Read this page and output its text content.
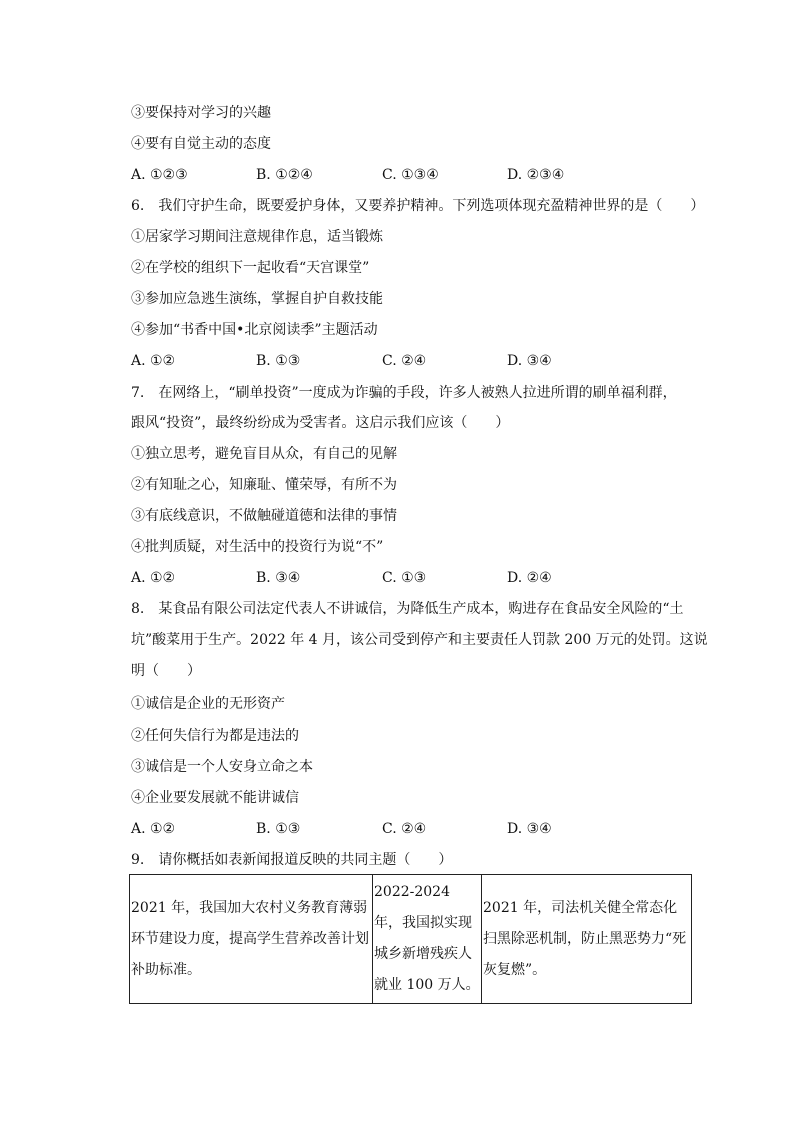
③要保持对学习的兴趣
④要有自觉主动的态度
A. ①②③	B. ①②④	C. ①③④	D. ②③④
6.　我们守护生命，既要爱护身体，又要养护精神。下列选项体现充盈精神世界的是（　　）
①居家学习期间注意规律作息，适当锻炼
②在学校的组织下一起收看“天宫课堂”
③参加应急逃生演练，掌握自护自救技能
④参加“书香中国•北京阅读季”主题活动
A. ①②	B. ①③	C. ②④	D. ③④
7.　在网络上，“刷单投资”一度成为诈骗的手段，许多人被熟人拉进所谓的刷单福利群，
跟风“投资”，最终纷纷成为受害者。这启示我们应该（　　）
①独立思考，避免盲目从众，有自己的见解
②有知耻之心，知廉耻、懂荣辱，有所不为
③有底线意识，不做触碰道德和法律的事情
④批判质疑，对生活中的投资行为说“不”
A. ①②	B. ③④	C. ①③	D. ②④
8.　某食品有限公司法定代表人不讲诚信，为降低生产成本，购进存在食品安全风险的“土
坑”酸菜用于生产。2022 年 4 月，该公司受到停产和主要责任人罚款 200 万元的处罚。这说
明（　　）
①诚信是企业的无形资产
②任何失信行为都是违法的
③诚信是一个人安身立命之本
④企业要发展就不能讲诚信
A. ①②	B. ①③	C. ②④	D. ③④
9.　请你概括如表新闻报道反映的共同主题（　　）
2021 年，我国加大农村义务教育薄弱环节建设力度，提高学生营养改善计划补助标准。	2022-2024 年，我国拟实现城乡新增残疾人就业 100 万人。	2021 年，司法机关健全常态化扫黑除恶机制，防止黑恶势力“死灰复燃”。
